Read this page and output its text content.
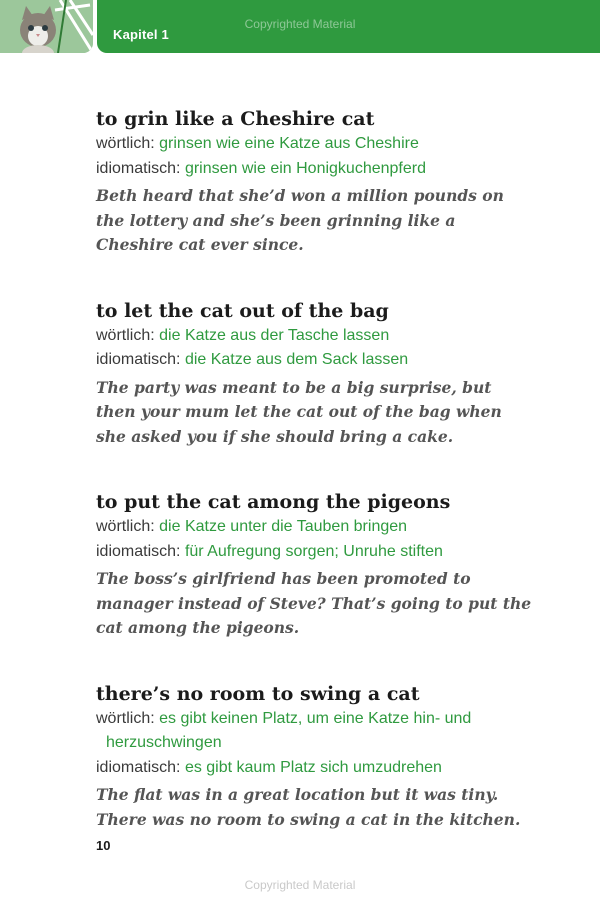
Kapitel 1
Copyrighted Material

to grin like a Cheshire cat

wörtlich: grinsen wie eine Katze aus Cheshire
idiomatisch: grinsen wie ein Honigkuchenpferd
Beth heard that she’d won a million pounds on the lottery and she’s been grinning like a Cheshire cat ever since.

to let the cat out of the bag

wörtlich: die Katze aus der Tasche lassen
idiomatisch: die Katze aus dem Sack lassen
The party was meant to be a big surprise, but then your mum let the cat out of the bag when she asked you if she should bring a cake.

to put the cat among the pigeons

wörtlich: die Katze unter die Tauben bringen
idiomatisch: für Aufregung sorgen; Unruhe stiften
The boss’s girlfriend has been promoted to manager instead of Steve? That’s going to put the cat among the pigeons.

there’s no room to swing a cat

wörtlich: es gibt keinen Platz, um eine Katze hin- und
herzuschwingen
idiomatisch: es gibt kaum Platz sich umzudrehen
The flat was in a great location but it was tiny.
There was no room to swing a cat in the kitchen.
10
Copyrighted Material
